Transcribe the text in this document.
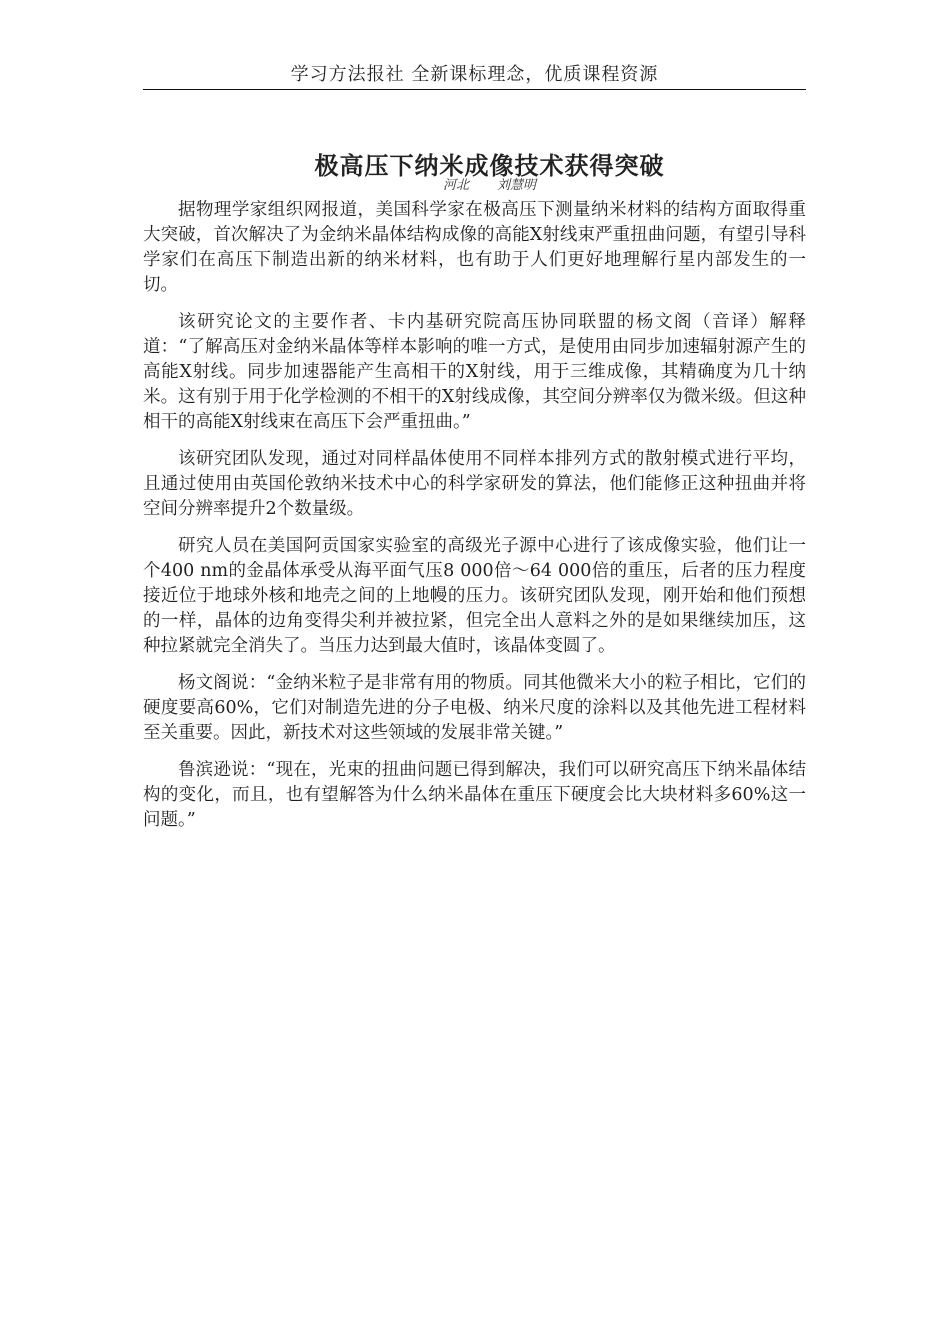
学习方法报社 全新课标理念，优质课程资源
极高压下纳米成像技术获得突破
河北 刘慧明

据物理学家组织网报道，美国科学家在极高压下测量纳米材料的结构方面取得重大突破，首次解决了为金纳米晶体结构成像的高能X射线束严重扭曲问题，有望引导科学家们在高压下制造出新的纳米材料，也有助于人们更好地理解行星内部发生的一切。

该研究论文的主要作者、卡内基研究院高压协同联盟的杨文阁（音译）解释道：“了解高压对金纳米晶体等样本影响的唯一方式，是使用由同步加速辐射源产生的高能X射线。同步加速器能产生高相干的X射线，用于三维成像，其精确度为几十纳米。这有别于用于化学检测的不相干的X射线成像，其空间分辨率仅为微米级。但这种相干的高能X射线束在高压下会严重扭曲。”

该研究团队发现，通过对同样晶体使用不同样本排列方式的散射模式进行平均，且通过使用由英国伦敦纳米技术中心的科学家研发的算法，他们能修正这种扭曲并将空间分辨率提升2个数量级。

研究人员在美国阿贡国家实验室的高级光子源中心进行了该成像实验，他们让一个400 nm的金晶体承受从海平面气压8 000倍～64 000倍的重压，后者的压力程度接近位于地球外核和地壳之间的上地幔的压力。该研究团队发现，刚开始和他们预想的一样，晶体的边角变得尖利并被拉紧，但完全出人意料之外的是如果继续加压，这种拉紧就完全消失了。当压力达到最大值时，该晶体变圆了。

杨文阁说：“金纳米粒子是非常有用的物质。同其他微米大小的粒子相比，它们的硬度要高60%，它们对制造先进的分子电极、纳米尺度的涂料以及其他先进工程材料至关重要。因此，新技术对这些领域的发展非常关键。”

鲁滨逊说：“现在，光束的扭曲问题已得到解决，我们可以研究高压下纳米晶体结构的变化，而且，也有望解答为什么纳米晶体在重压下硬度会比大块材料多60%这一问题。”
